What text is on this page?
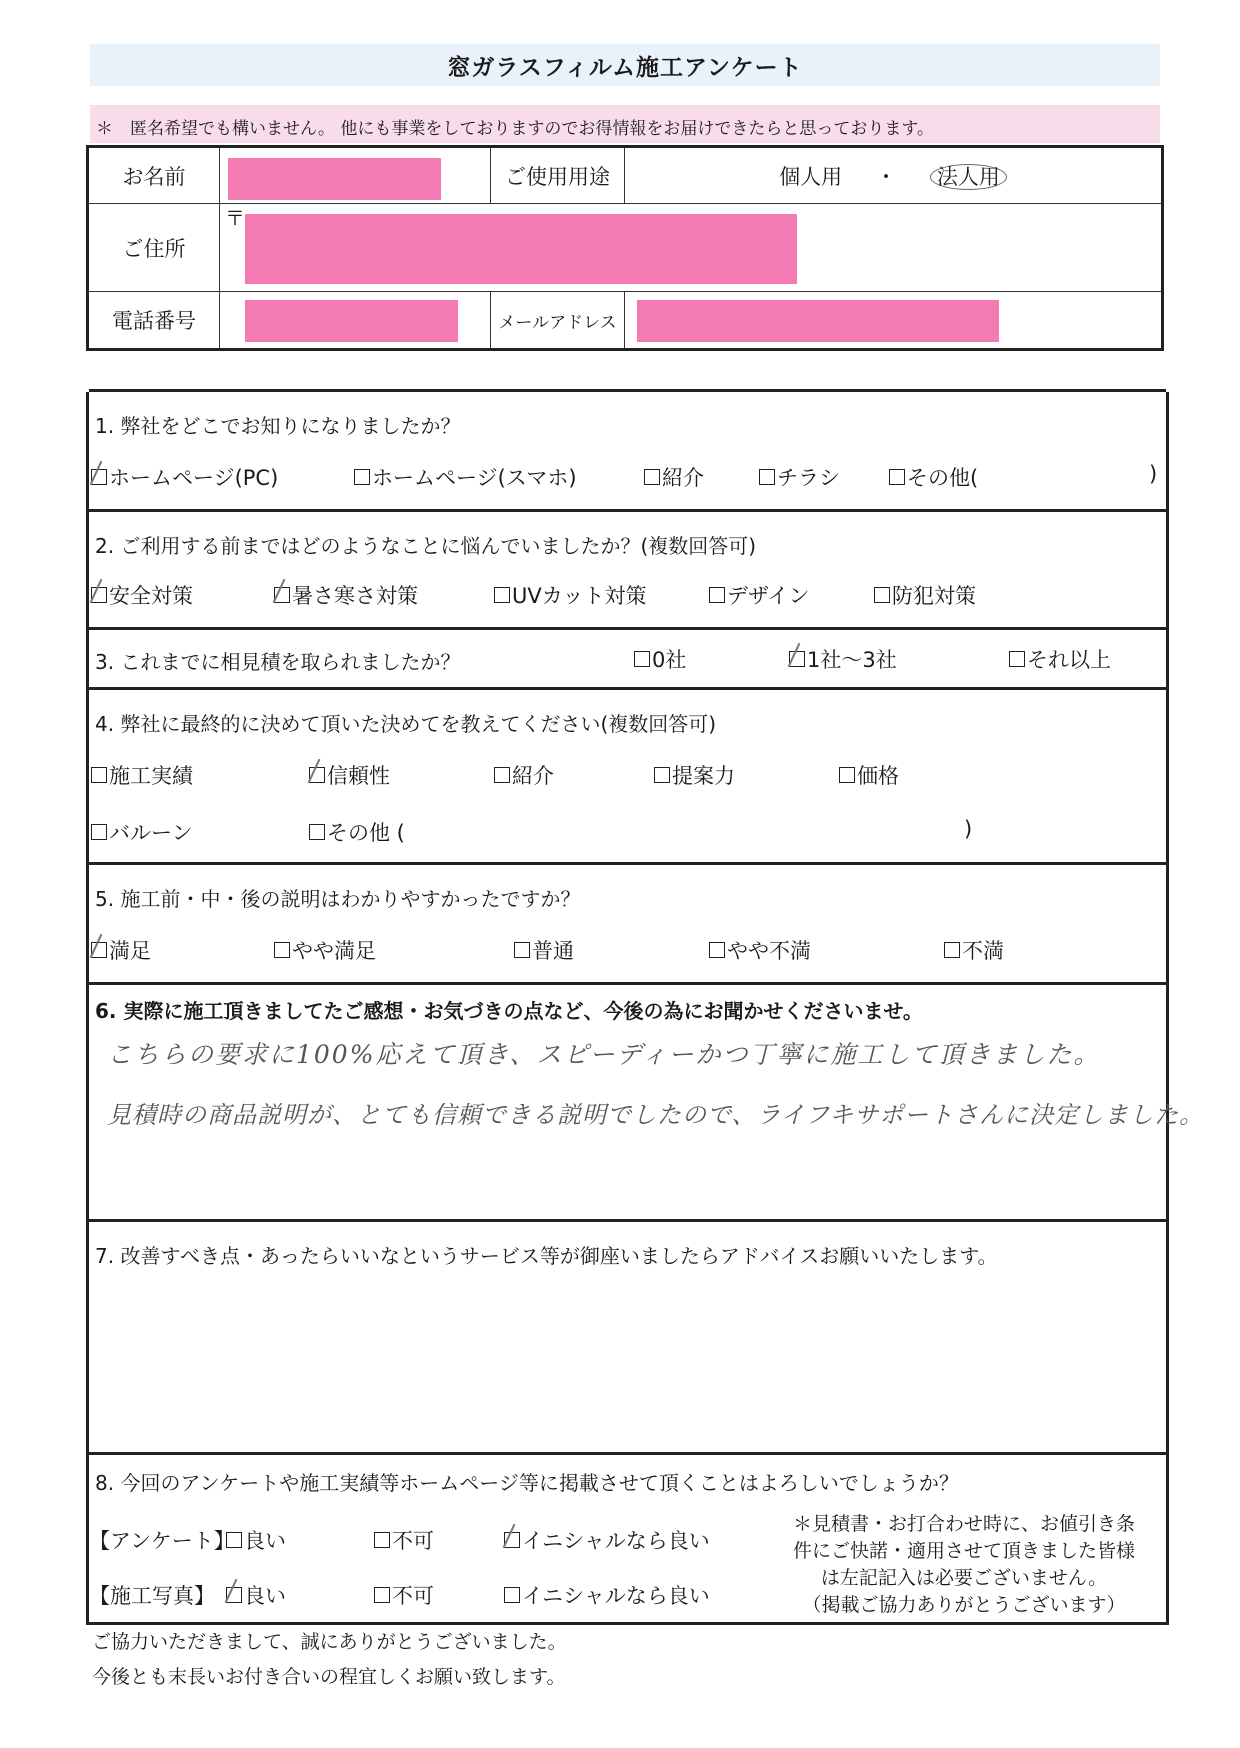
窓ガラスフィルム施工アンケート
＊　匿名希望でも構いません。 他にも事業をしておりますのでお得情報をお届けできたらと思っております。
お名前		ご使用用途	個人用 ・ 法人用
ご住所	〒		

電話番号		メールアドレス	
1. 弊社をどこでお知りになりましたか？
ホームページ(PC)	ホームページ(スマホ)	紹介	チラシ	その他(	)
2. ご利用する前まではどのようなことに悩んでいましたか？(複数回答可)
安全対策	暑さ寒さ対策	UVカット対策	デザイン	防犯対策
3. これまでに相見積を取られましたか？	0社	1社～3社	それ以上
4. 弊社に最終的に決めて頂いた決めてを教えてください(複数回答可)
施工実績	信頼性	紹介	提案力	価格
バルーン	その他 (	)
5. 施工前・中・後の説明はわかりやすかったですか？
満足	やや満足	普通	やや不満	不満
6. 実際に施工頂きましてたご感想・お気づきの点など、今後の為にお聞かせくださいませ。
こちらの要求に100%応えて頂き、スピーディーかつ丁寧に施工して頂きました。
見積時の商品説明が、とても信頼できる説明でしたので、ライフキサポートさんに決定しました。
7. 改善すべき点・あったらいいなというサービス等が御座いましたらアドバイスお願いいたします。
8. 今回のアンケートや施工実績等ホームページ等に掲載させて頂くことはよろしいでしょうか？
【アンケート】 良い	不可	イニシャルなら良い
【施工写真】 良い	不可	イニシャルなら良い
＊見積書・お打合わせ時に、お値引き条
件にご快諾・適用させて頂きました皆様
は左記記入は必要ございません。
（掲載ご協力ありがとうございます）
ご協力いただきまして、誠にありがとうございました。
今後とも末長いお付き合いの程宜しくお願い致します。
